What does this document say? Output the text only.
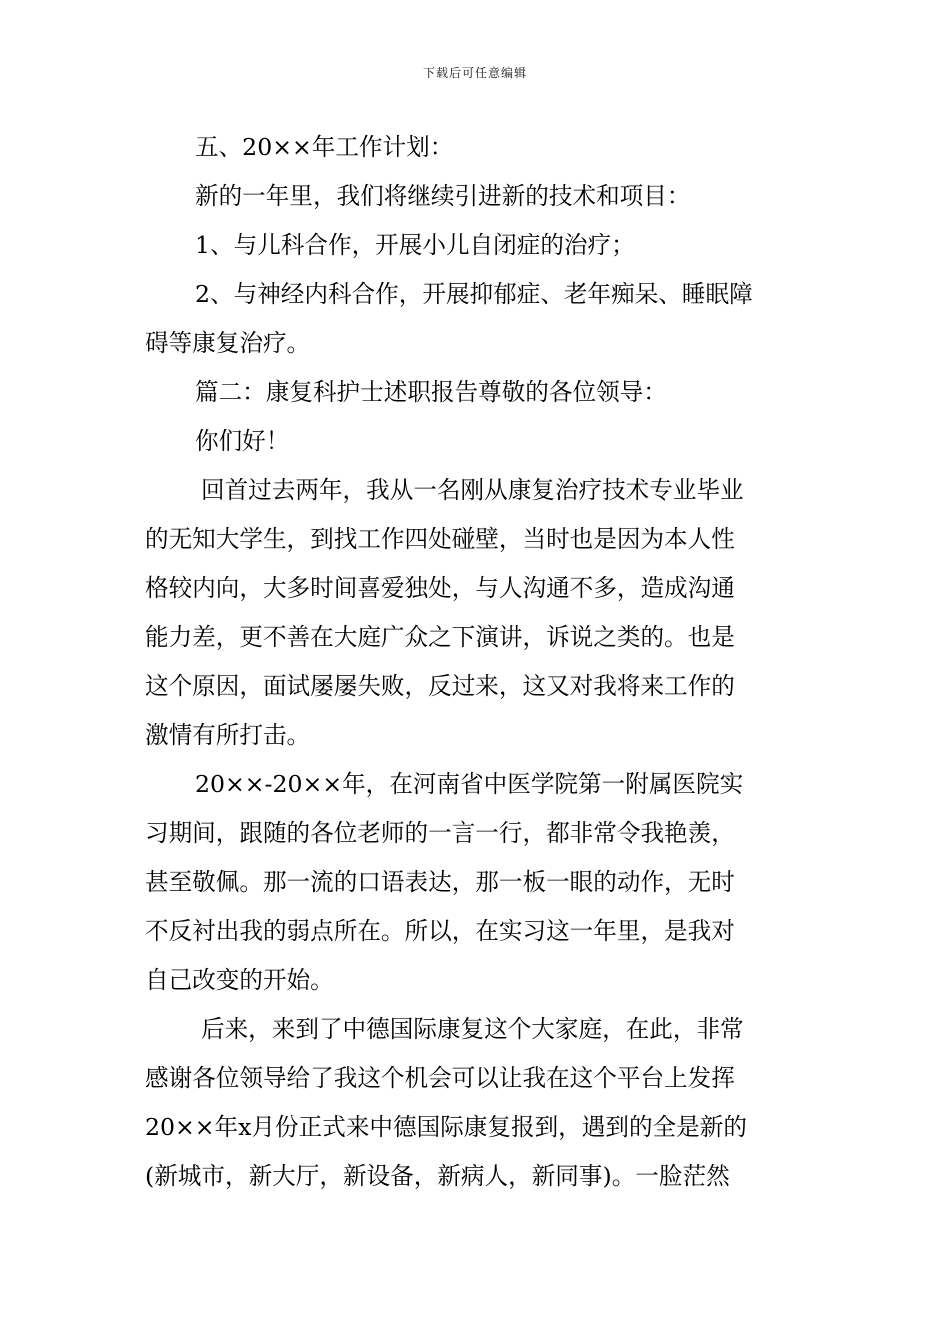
下载后可任意编辑
五、20××年工作计划：
新的一年里，我们将继续引进新的技术和项目：
1、与儿科合作，开展小儿自闭症的治疗；
2、与神经内科合作，开展抑郁症、老年痴呆、睡眠障
碍等康复治疗。
篇二：康复科护士述职报告尊敬的各位领导：
你们好！
回首过去两年，我从一名刚从康复治疗技术专业毕业
的无知大学生，到找工作四处碰壁，当时也是因为本人性
格较内向，大多时间喜爱独处，与人沟通不多，造成沟通
能力差，更不善在大庭广众之下演讲，诉说之类的。也是
这个原因，面试屡屡失败，反过来，这又对我将来工作的
激情有所打击。
20××-20××年，在河南省中医学院第一附属医院实
习期间，跟随的各位老师的一言一行，都非常令我艳羡，
甚至敬佩。那一流的口语表达，那一板一眼的动作，无时
不反衬出我的弱点所在。所以，在实习这一年里，是我对
自己改变的开始。
后来，来到了中德国际康复这个大家庭，在此，非常
感谢各位领导给了我这个机会可以让我在这个平台上发挥
20××年x月份正式来中德国际康复报到，遇到的全是新的
(新城市，新大厅，新设备，新病人，新同事)。一脸茫然
